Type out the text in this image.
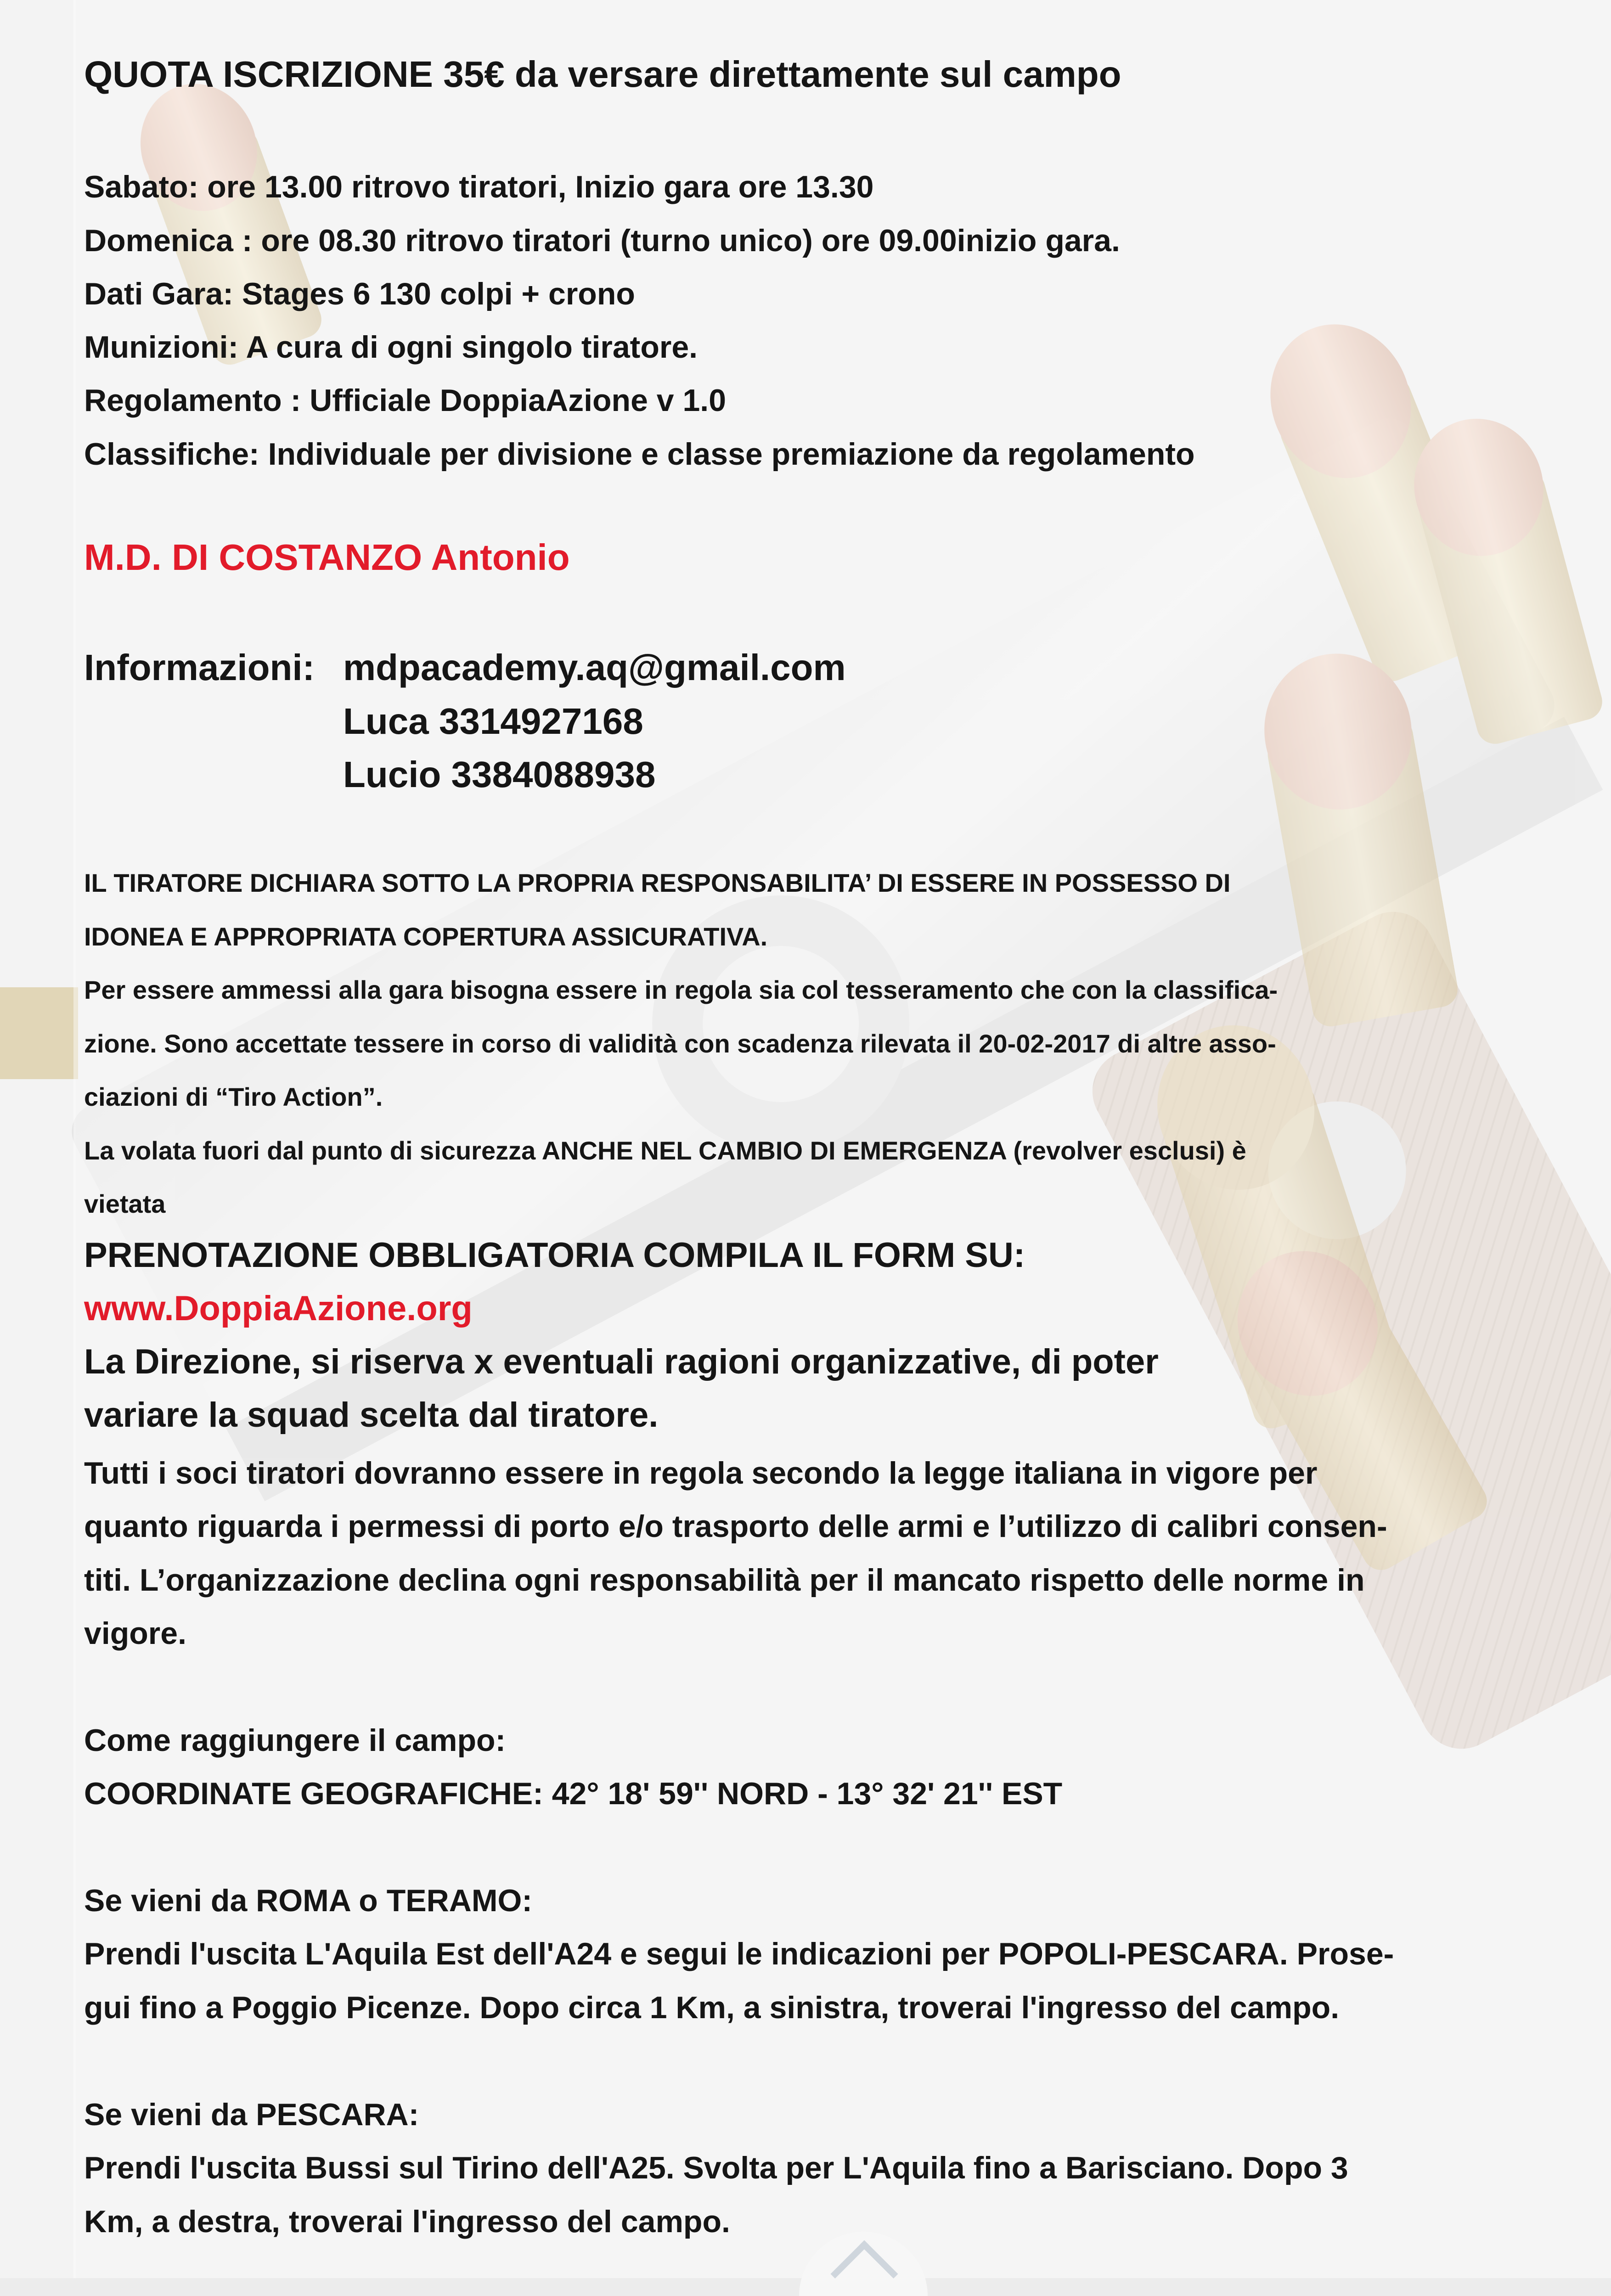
QUOTA ISCRIZIONE 35€ da versare direttamente sul campo
Sabato: ore 13.00 ritrovo tiratori, Inizio gara ore 13.30
Domenica : ore 08.30 ritrovo tiratori (turno unico) ore 09.00inizio gara.
Dati Gara: Stages 6 130 colpi + crono
Munizioni: A cura di ogni singolo tiratore.
Regolamento : Ufficiale DoppiaAzione v 1.0
Classifiche: Individuale per divisione e classe premiazione da regolamento
M.D. DI COSTANZO Antonio
Informazioni: mdpacademy.aq@gmail.com
Luca 3314927168
Lucio 3384088938
IL TIRATORE DICHIARA SOTTO LA PROPRIA RESPONSABILITA’ DI ESSERE IN POSSESSO DI
IDONEA E APPROPRIATA COPERTURA ASSICURATIVA.
Per essere ammessi alla gara bisogna essere in regola sia col tesseramento che con la classifica-
zione. Sono accettate tessere in corso di validità con scadenza rilevata il 20-02-2017 di altre asso-
ciazioni di “Tiro Action”.
La volata fuori dal punto di sicurezza ANCHE NEL CAMBIO DI EMERGENZA (revolver esclusi) è
vietata
PRENOTAZIONE OBBLIGATORIA COMPILA IL FORM SU:
www.DoppiaAzione.org
La Direzione, si riserva x eventuali ragioni organizzative, di poter
variare la squad scelta dal tiratore.
Tutti i soci tiratori dovranno essere in regola secondo la legge italiana in vigore per
quanto riguarda i permessi di porto e/o trasporto delle armi e l’utilizzo di calibri consen-
titi. L’organizzazione declina ogni responsabilità per il mancato rispetto delle norme in
vigore.
Come raggiungere il campo:
COORDINATE GEOGRAFICHE: 42° 18' 59'' NORD - 13° 32' 21'' EST
Se vieni da ROMA o TERAMO:
Prendi l'uscita L'Aquila Est dell'A24 e segui le indicazioni per POPOLI-PESCARA. Prose-
gui fino a Poggio Picenze. Dopo circa 1 Km, a sinistra, troverai l'ingresso del campo.
Se vieni da PESCARA:
Prendi l'uscita Bussi sul Tirino dell'A25. Svolta per L'Aquila fino a Barisciano. Dopo 3
Km, a destra, troverai l'ingresso del campo.
